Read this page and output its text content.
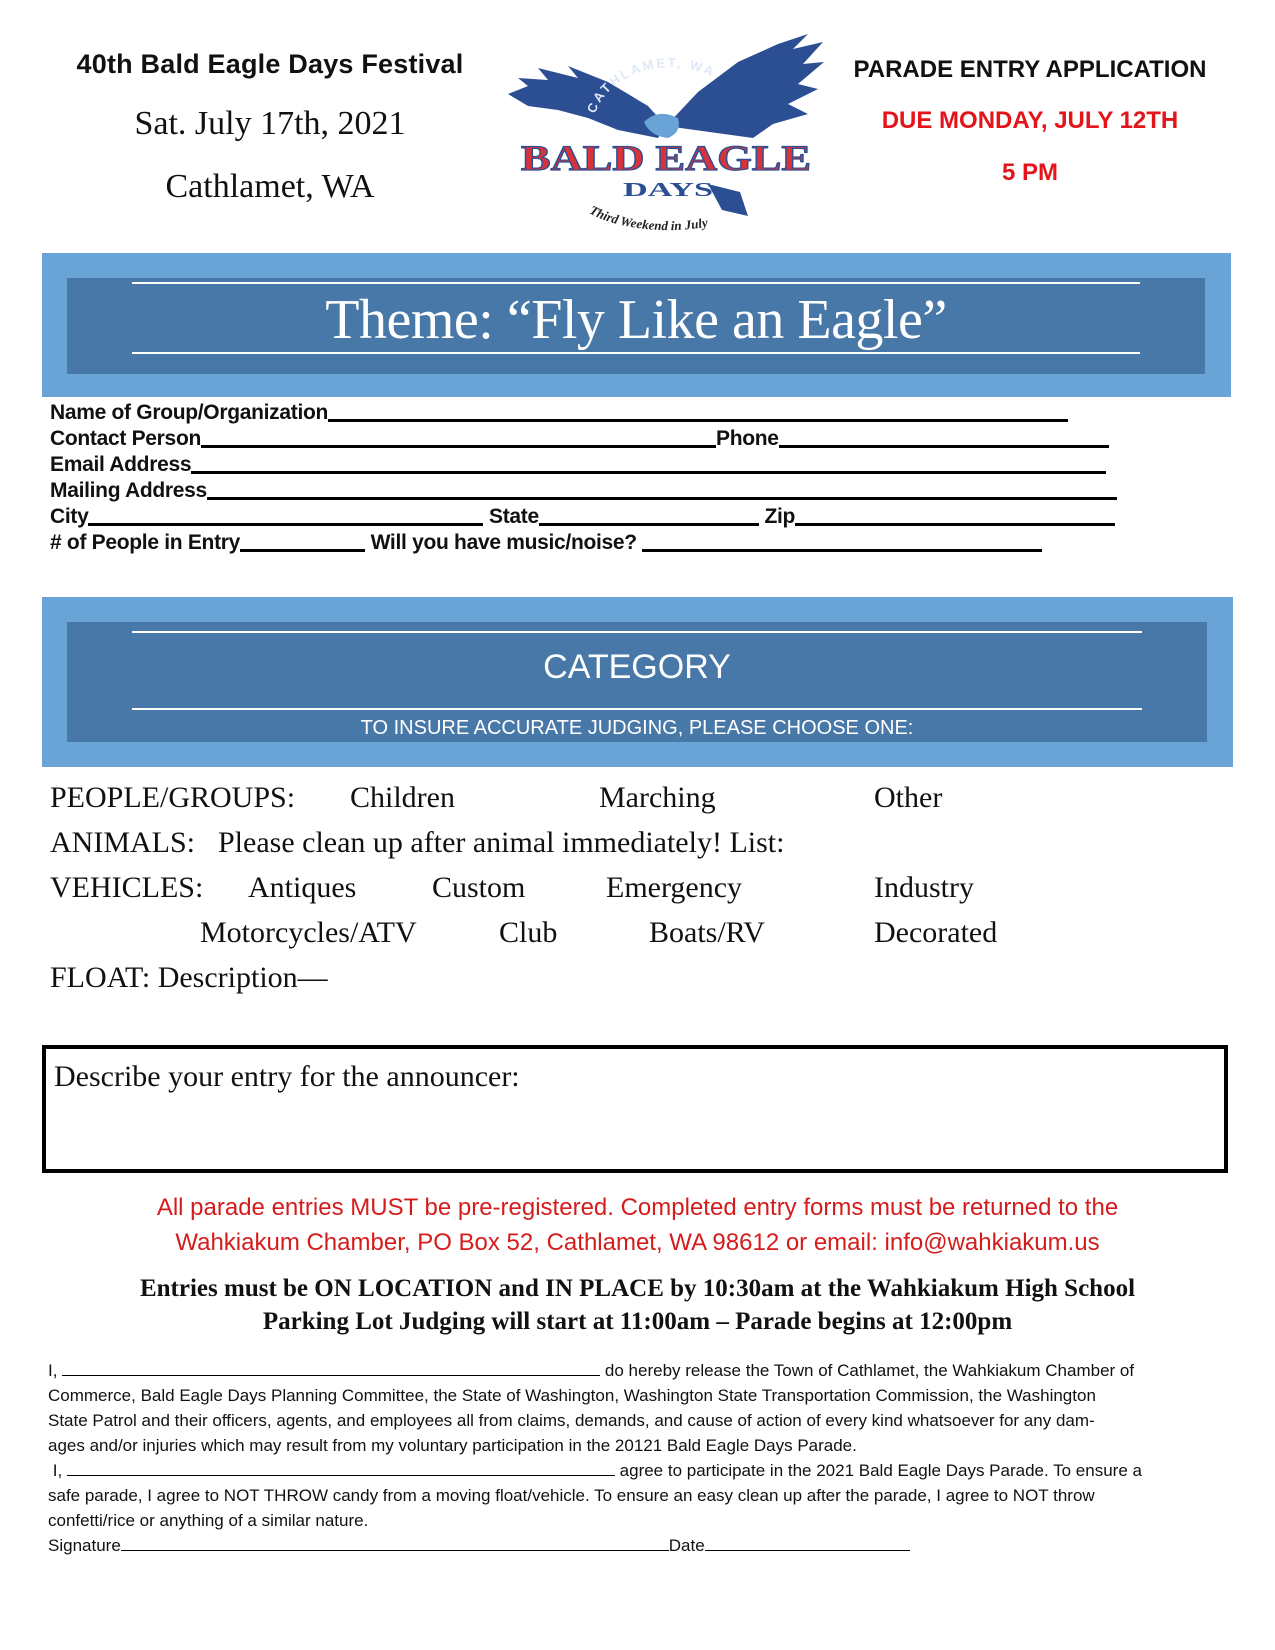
40th Bald Eagle Days Festival
Sat. July 17th, 2021
Cathlamet, WA
CATHLAMET, WA
BALD EAGLE
DAYS
Third Weekend in July
PARADE ENTRY APPLICATION
DUE MONDAY, JULY 12TH
5 PM
Theme: “Fly Like an Eagle”
Name of Group/Organization
Contact Person	Phone
Email Address
Mailing Address
City	State	Zip
# of People in Entry	Will you have music/noise?
CATEGORY
TO INSURE ACCURATE JUDGING, PLEASE CHOOSE ONE:
PEOPLE/GROUPS: Children	Marching	Other
ANIMALS: Please clean up after animal immediately! List:
VEHICLES: Antiques	Custom	Emergency	Industry
Motorcycles/ATV	Club	Boats/RV	Decorated
FLOAT: Description—
Describe your entry for the announcer:
All parade entries MUST be pre-registered. Completed entry forms must be returned to the
Wahkiakum Chamber, PO Box 52, Cathlamet, WA 98612 or email: info@wahkiakum.us
Entries must be ON LOCATION and IN PLACE by 10:30am at the Wahkiakum High School
Parking Lot Judging will start at 11:00am – Parade begins at 12:00pm
I,	do hereby release the Town of Cathlamet, the Wahkiakum Chamber of
Commerce, Bald Eagle Days Planning Committee, the State of Washington, Washington State Transportation Commission, the Washington
State Patrol and their officers, agents, and employees all from claims, demands, and cause of action of every kind whatsoever for any dam-
ages and/or injuries which may result from my voluntary participation in the 20121 Bald Eagle Days Parade.
I,	agree to participate in the 2021 Bald Eagle Days Parade. To ensure a
safe parade, I agree to NOT THROW candy from a moving float/vehicle. To ensure an easy clean up after the parade, I agree to NOT throw
confetti/rice or anything of a similar nature.
Signature	Date
